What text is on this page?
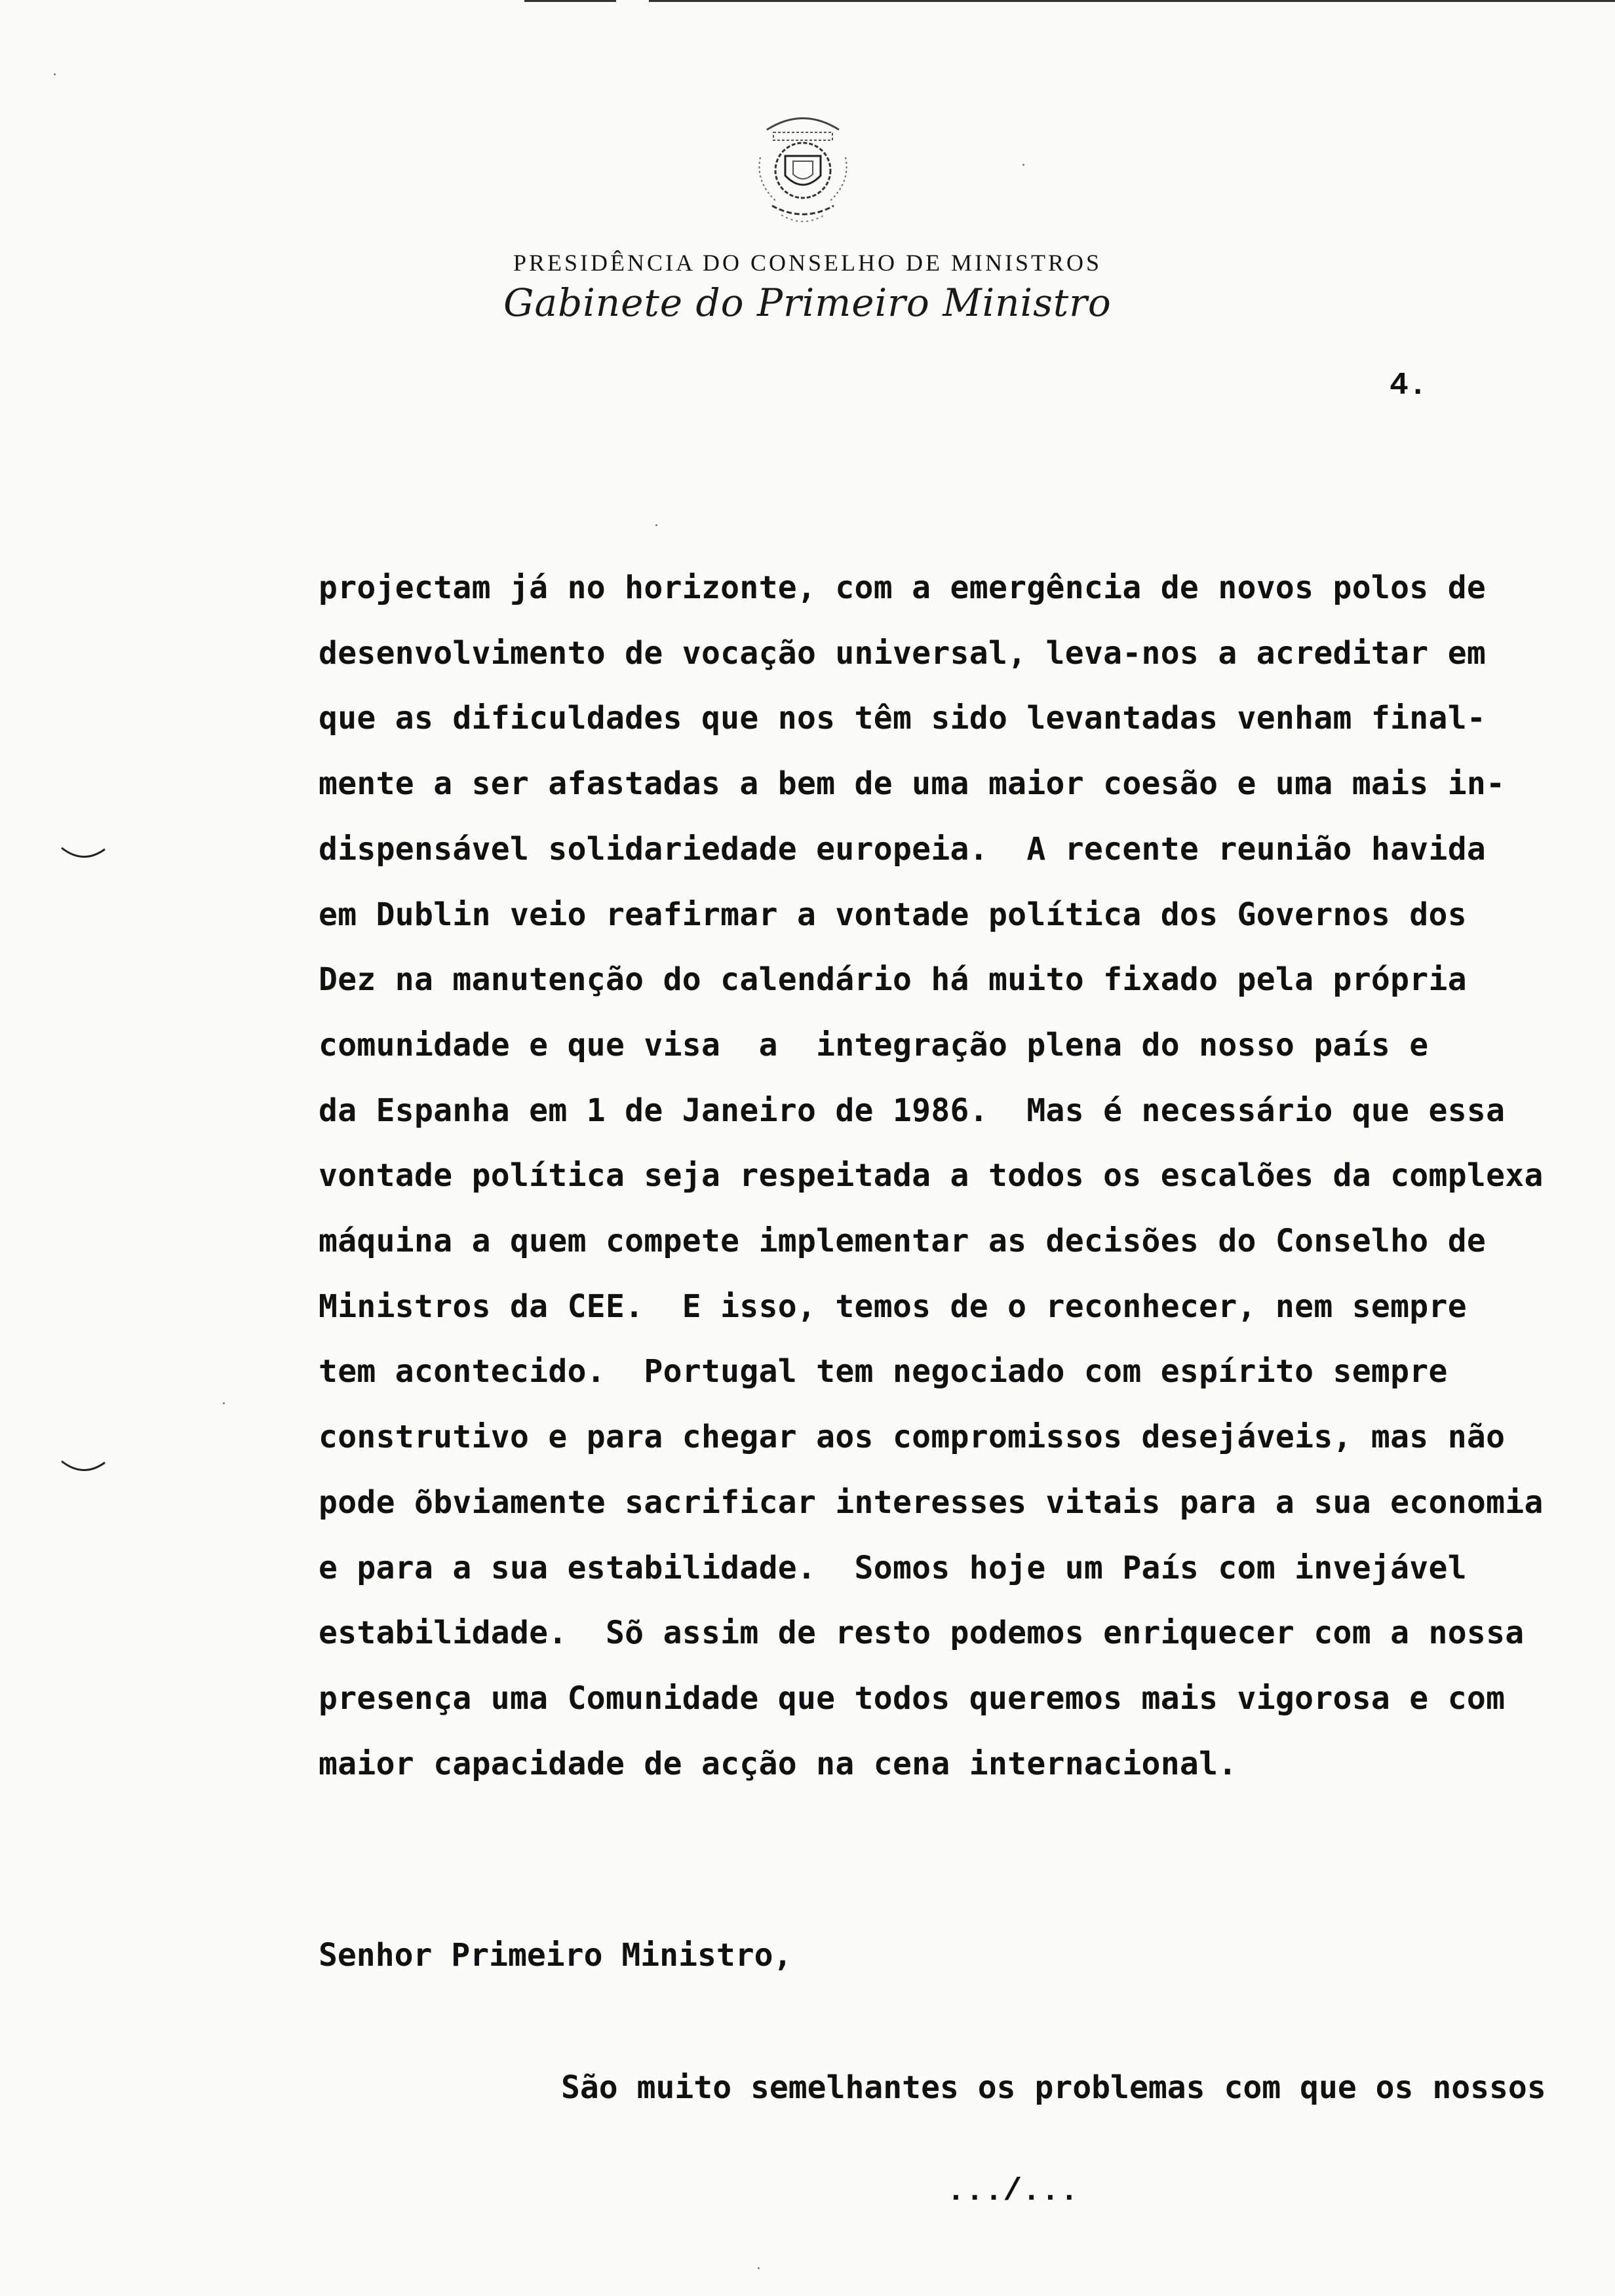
PRESIDÊNCIA DO CONSELHO DE MINISTROS
Gabinete do Primeiro Ministro
4.
projectam já no horizonte, com a emergência de novos polos de
desenvolvimento de vocação universal, leva-nos a acreditar em
que as dificuldades que nos têm sido levantadas venham final-
mente a ser afastadas a bem de uma maior coesão e uma mais in-
dispensável solidariedade europeia.  A recente reunião havida
em Dublin veio reafirmar a vontade política dos Governos dos
Dez na manutenção do calendário há muito fixado pela própria
comunidade e que visa  a  integração plena do nosso país e
da Espanha em 1 de Janeiro de 1986.  Mas é necessário que essa
vontade política seja respeitada a todos os escalões da complexa
máquina a quem compete implementar as decisões do Conselho de
Ministros da CEE.  E isso, temos de o reconhecer, nem sempre
tem acontecido.  Portugal tem negociado com espírito sempre
construtivo e para chegar aos compromissos desejáveis, mas não
pode õbviamente sacrificar interesses vitais para a sua economia
e para a sua estabilidade.  Somos hoje um País com invejável
estabilidade.  Sõ assim de resto podemos enriquecer com a nossa
presença uma Comunidade que todos queremos mais vigorosa e com
maior capacidade de acção na cena internacional.
Senhor Primeiro Ministro,
São muito semelhantes os problemas com que os nossos
.../...
